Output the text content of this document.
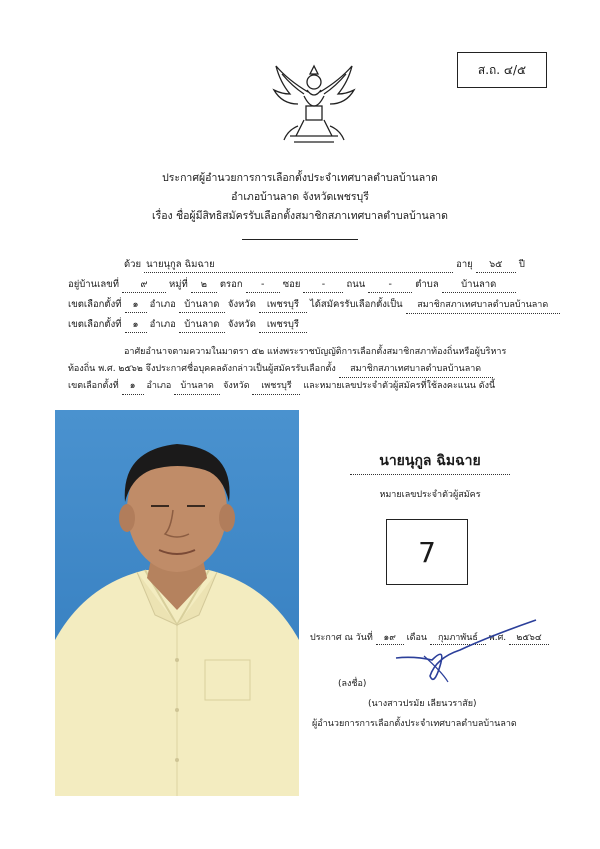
ส.ถ. ๔/๕
ประกาศผู้อำนวยการการเลือกตั้งประจำเทศบาลตำบลบ้านลาด
อำเภอบ้านลาด จังหวัดเพชรบุรี
เรื่อง ชื่อผู้มีสิทธิสมัครรับเลือกตั้งสมาชิกสภาเทศบาลตำบลบ้านลาด
ด้วย นายนุกูล ฉิมฉาย	อายุ ๖๕ ปี
อยู่บ้านเลขที่ ๙ หมู่ที่ ๒ ตรอก - ซอย - ถนน - ตำบล บ้านลาด
เขตเลือกตั้งที่ ๑ อำเภอ บ้านลาด จังหวัด เพชรบุรี ได้สมัครรับเลือกตั้งเป็น สมาชิกสภาเทศบาลตำบลบ้านลาด
เขตเลือกตั้งที่ ๑ อำเภอ บ้านลาด จังหวัด เพชรบุรี
อาศัยอำนาจตามความในมาตรา ๕๒ แห่งพระราชบัญญัติการเลือกตั้งสมาชิกสภาท้องถิ่นหรือผู้บริหาร
ท้องถิ่น พ.ศ. ๒๕๖๒ จึงประกาศชื่อบุคคลดังกล่าวเป็นผู้สมัครรับเลือกตั้ง สมาชิกสภาเทศบาลตำบลบ้านลาด
เขตเลือกตั้งที่ ๑ อำเภอ บ้านลาด จังหวัด เพชรบุรี และหมายเลขประจำตัวผู้สมัครที่ใช้ลงคะแนน ดังนี้
นายนุกูล ฉิมฉาย
หมายเลขประจำตัวผู้สมัคร
7
ประกาศ ณ วันที่ ๑๙ เดือน กุมภาพันธ์ พ.ศ. ๒๕๖๔
(ลงชื่อ)
(นางสาวปรมัย เลียนวราสัย)
ผู้อำนวยการการเลือกตั้งประจำเทศบาลตำบลบ้านลาด
